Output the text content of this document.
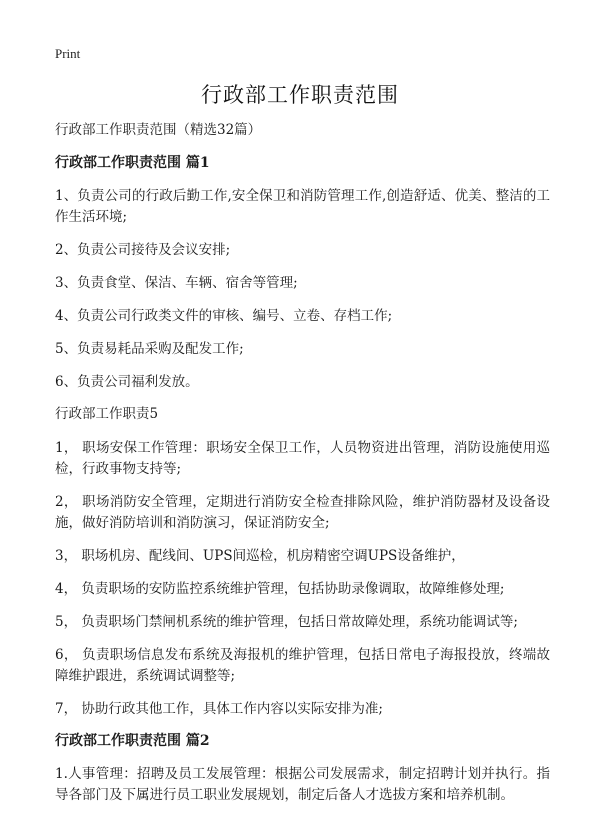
Print
行政部工作职责范围

行政部工作职责范围（精选32篇）

行政部工作职责范围 篇1

1、负责公司的行政后勤工作,安全保卫和消防管理工作,创造舒适、优美、整洁的工作生活环境;

2、负责公司接待及会议安排;

3、负责食堂、保洁、车辆、宿舍等管理;

4、负责公司行政类文件的审核、编号、立卷、存档工作;

5、负责易耗品采购及配发工作;

6、负责公司福利发放。

行政部工作职责5

1， 职场安保工作管理：职场安全保卫工作，人员物资进出管理，消防设施使用巡检，行政事物支持等;

2， 职场消防安全管理，定期进行消防安全检查排除风险，维护消防器材及设备设施，做好消防培训和消防演习，保证消防安全;

3， 职场机房、配线间、UPS间巡检，机房精密空调UPS设备维护，

4， 负责职场的安防监控系统维护管理，包括协助录像调取，故障维修处理;

5， 负责职场门禁闸机系统的维护管理，包括日常故障处理，系统功能调试等;

6， 负责职场信息发布系统及海报机的维护管理，包括日常电子海报投放，终端故障维护跟进，系统调试调整等;

7， 协助行政其他工作，具体工作内容以实际安排为准;

行政部工作职责范围 篇2

1.人事管理：招聘及员工发展管理：根据公司发展需求，制定招聘计划并执行。指导各部门及下属进行员工职业发展规划，制定后备人才选拔方案和培养机制。
